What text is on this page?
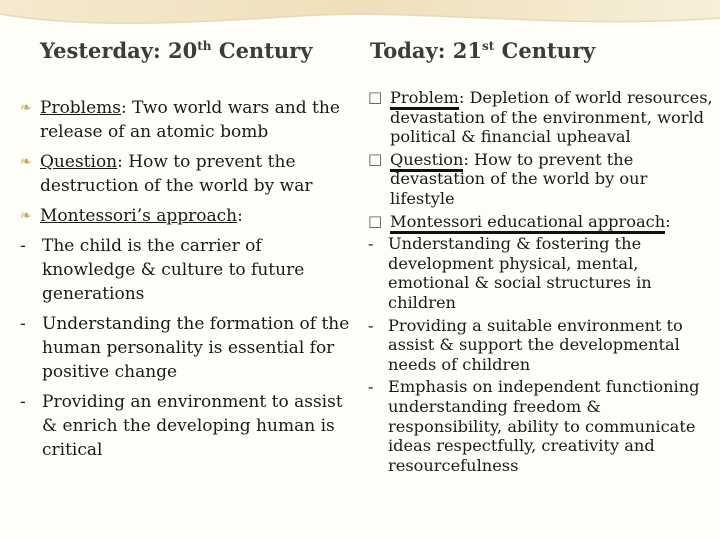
Yesterday: 20th Century	Today: 21st Century

❧ Problems: Two world wars and the release of an atomic bomb

❧ Question: How to prevent the destruction of the world by war

❧ Montessori’s approach:

- The child is the carrier of knowledge & culture to future generations

- Understanding the formation of the human personality is essential for positive change

- Providing an environment to assist & enrich the developing human is critical

□ Problem: Depletion of world resources, devastation of the environment, world political & financial upheaval

□ Question: How to prevent the devastation of the world by our lifestyle

□ Montessori educational approach:

- Understanding & fostering the development physical, mental, emotional & social structures in children

- Providing a suitable environment to assist & support the developmental needs of children

- Emphasis on independent functioning understanding freedom & responsibility, ability to communicate ideas respectfully, creativity and resourcefulness
